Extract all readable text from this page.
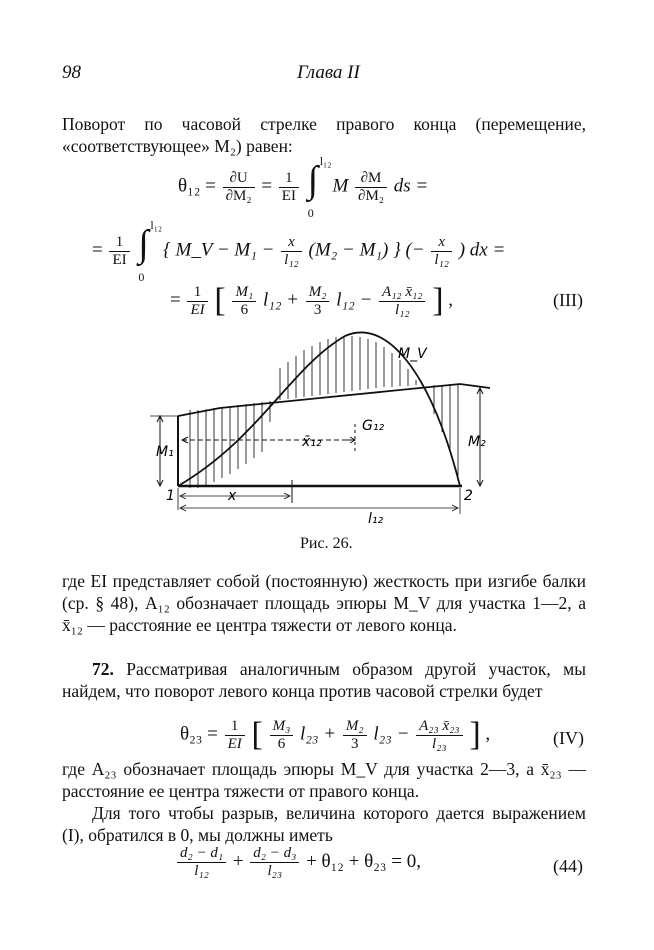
98	Глава II
Поворот по часовой стрелке правого конца (перемещение, «соответствующее» M₂) равен:
$\theta_{12} = \frac{\partial U}{\text{∂M₂}} = \frac{1}{EI}$
∫ l₁₂
0
M $\frac{\partial M}{\text{∂M₂}}$ ds =
= $\frac{1}{EI}$
∫ l₁₂
0
{ M_V − $M_1 - \frac{x}{\text{l₁₂}} (M_2 - M_1)$ } (− $\frac{x}{\text{l₁₂}}$ ) dx =
= $\frac{1}{EI}$ [ $\frac{\text{M₁}}{6} l_{12} + \frac{\text{M₂}}{3} l_{12} - \frac{\text{A₁₂ x̄₁₂}}{\text{l₁₂}}$ ] ,	(III)
M_V
M₁
M₂
x̄₁₂
G₁₂
x
l₁₂
1	2
Рис. 26.
где EI представляет собой (постоянную) жесткость при изгибе балки (ср. § 48), A₁₂ обозначает площадь эпюры M_V для участка 1—2, а x̄₁₂ — расстояние ее центра тяжести от левого конца.
72. Рассматривая аналогичным образом другой участок, мы найдем, что поворот левого конца против часовой стрелки будет
$\theta_{23} = \frac{1}{EI}$ [ $\frac{\text{M₃}}{6} l_{23} + \frac{\text{M₂}}{3} l_{23} - \frac{\text{A₂₃ x̄₂₃}}{\text{l₂₃}}$ ] ,	(IV)
где A₂₃ обозначает площадь эпюры M_V для участка 2—3, а x̄₂₃ — расстояние ее центра тяжести от правого конца.
Для того чтобы разрыв, величина которого дается выражением (I), обратился в 0, мы должны иметь
$\frac{\text{d₂ − d₁}}{\text{l₁₂}} + \frac{\text{d₂ − d₃}}{\text{l₂₃}} + \theta_{12} + \theta_{23} = 0$,	(44)
